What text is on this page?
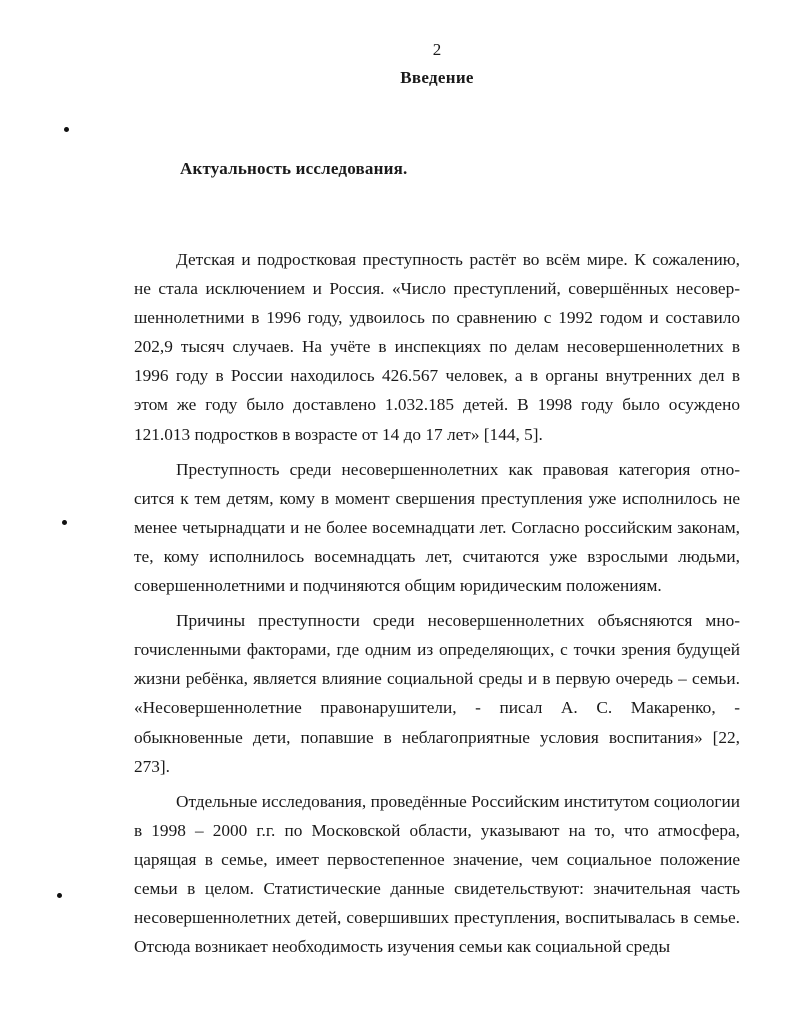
2
Введение
Актуальность исследования.

Детская и подростковая преступность растёт во всём мире. К сожалению, не стала исключением и Россия. «Число преступлений, совершённых несовершеннолетними в 1996 году, удвоилось по сравнению с 1992 годом и составило 202,9 тысяч случаев. На учёте в инспекциях по делам несовершеннолетних в 1996 году в России находилось 426.567 человек, а в органы внутренних дел в этом же году было доставлено 1.032.185 детей. В 1998 году было осуждено 121.013 подростков в возрасте от 14 до 17 лет» [144, 5].

Преступность среди несовершеннолетних как правовая категория относится к тем детям, кому в момент свершения преступления уже исполнилось не менее четырнадцати и не более восемнадцати лет. Согласно российским законам, те, кому исполнилось восемнадцать лет, считаются уже взрослыми людьми, совершеннолетними и подчиняются общим юридическим положениям.

Причины преступности среди несовершеннолетних объясняются многочисленными факторами, где одним из определяющих, с точки зрения будущей жизни ребёнка, является влияние социальной среды и в первую очередь – семьи. «Несовершеннолетние правонарушители, - писал А. С. Макаренко, - обыкновенные дети, попавшие в неблагоприятные условия воспитания» [22, 273].

Отдельные исследования, проведённые Российским институтом социологии в 1998 – 2000 г.г. по Московской области, указывают на то, что атмосфера, царящая в семье, имеет первостепенное значение, чем социальное положение семьи в целом. Статистические данные свидетельствуют: значительная часть несовершеннолетних детей, совершивших преступления, воспитывалась в семье. Отсюда возникает необходимость изучения семьи как социальной среды
